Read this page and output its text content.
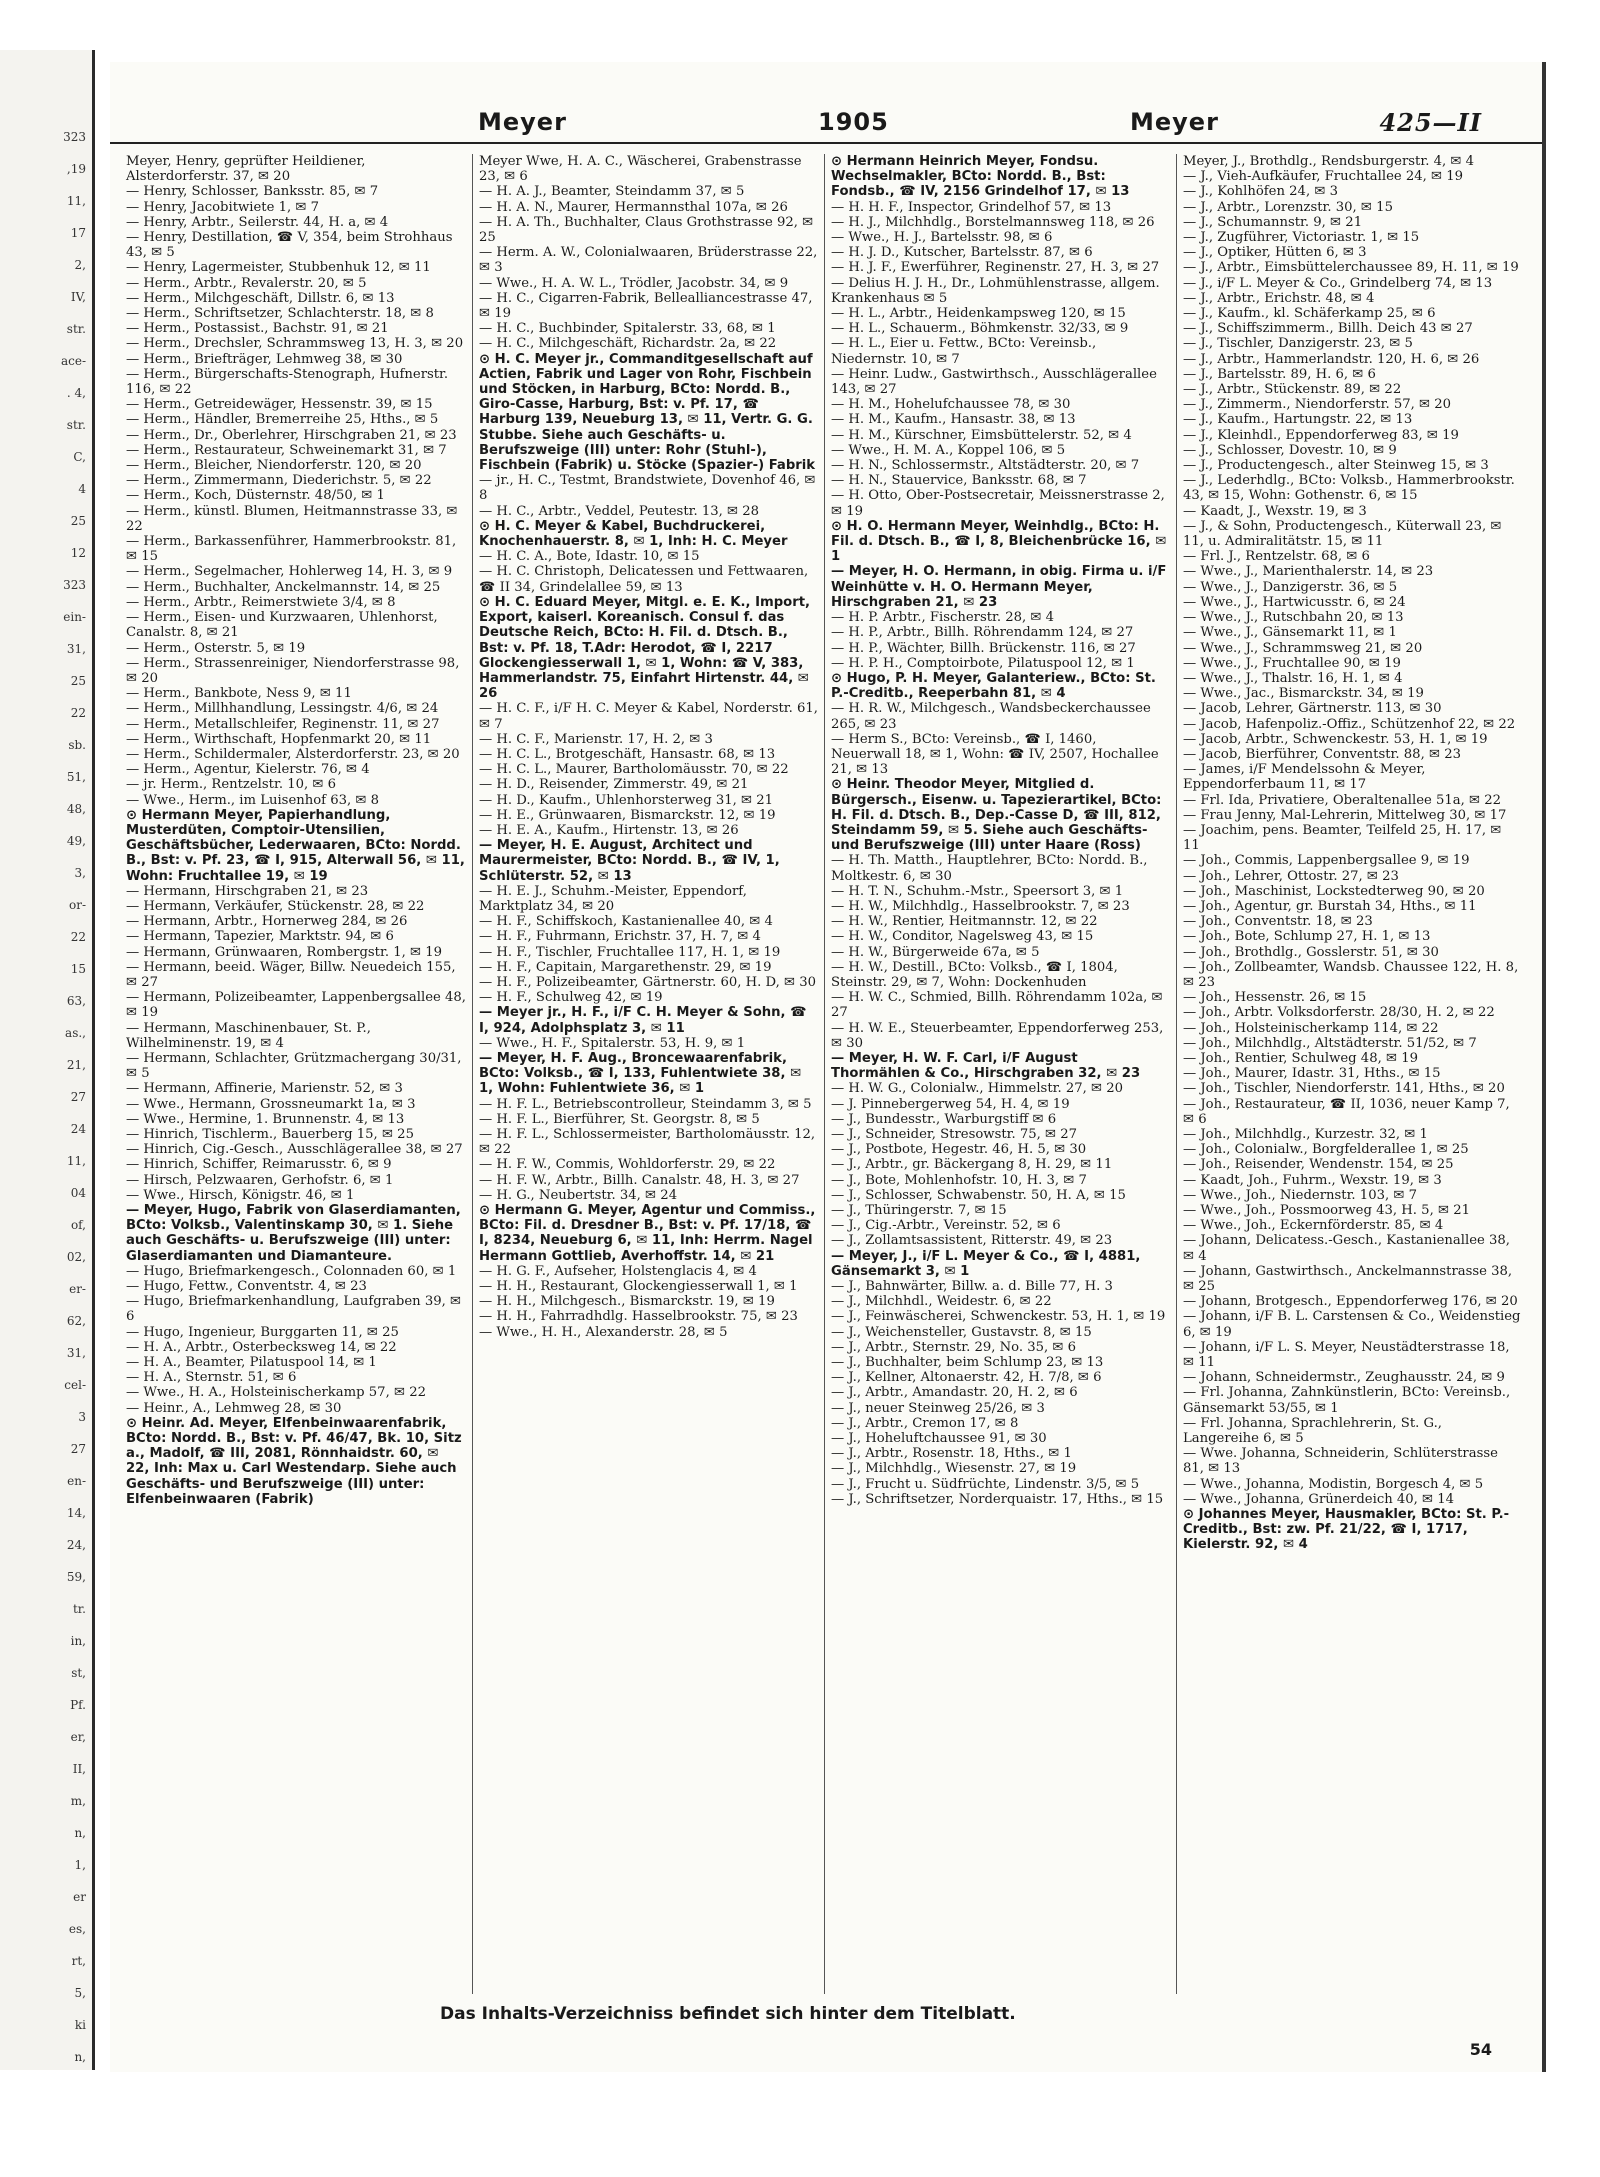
323
,19
11,
17
2,
IV,
str.
ace-
. 4,
str.
C,
4
25
12
323
ein-
31,
25
22
sb.
51,
48,
49,
3,
or-
22
15
63,
as.,
21,
27
24
11,
04
of,
02,
er-
62,
31,
cel-
3
27
en-
14,
24,
59,
tr.
in,
st,
Pf.
er,
II,
m,
n,
1,
er
es,
rt,
5,
ki
n,
Meyer	1905	Meyer	425—II

Meyer, Henry, geprüfter Heildiener, Alsterdorferstr. 37, ✉ 20

— Henry, Schlosser, Banksstr. 85, ✉ 7

— Henry, Jacobitwiete 1, ✉ 7

— Henry, Arbtr., Seilerstr. 44, H. a, ✉ 4

— Henry, Destillation, ☎ V, 354, beim Strohhaus 43, ✉ 5

— Henry, Lagermeister, Stubbenhuk 12, ✉ 11

— Herm., Arbtr., Revalerstr. 20, ✉ 5

— Herm., Milchgeschäft, Dillstr. 6, ✉ 13

— Herm., Schriftsetzer, Schlachterstr. 18, ✉ 8

— Herm., Postassist., Bachstr. 91, ✉ 21

— Herm., Drechsler, Schrammsweg 13, H. 3, ✉ 20

— Herm., Briefträger, Lehmweg 38, ✉ 30

— Herm., Bürgerschafts-Stenograph, Hufnerstr. 116, ✉ 22

— Herm., Getreidewäger, Hessenstr. 39, ✉ 15

— Herm., Händler, Bremerreihe 25, Hths., ✉ 5

— Herm., Dr., Oberlehrer, Hirschgraben 21, ✉ 23

— Herm., Restaurateur, Schweinemarkt 31, ✉ 7

— Herm., Bleicher, Niendorferstr. 120, ✉ 20

— Herm., Zimmermann, Diederichstr. 5, ✉ 22

— Herm., Koch, Düsternstr. 48/50, ✉ 1

— Herm., künstl. Blumen, Heitmannstrasse 33, ✉ 22

— Herm., Barkassenführer, Hammerbrookstr. 81, ✉ 15

— Herm., Segelmacher, Hohlerweg 14, H. 3, ✉ 9

— Herm., Buchhalter, Anckelmannstr. 14, ✉ 25

— Herm., Arbtr., Reimerstwiete 3/4, ✉ 8

— Herm., Eisen- und Kurzwaaren, Uhlenhorst, Canalstr. 8, ✉ 21

— Herm., Osterstr. 5, ✉ 19

— Herm., Strassenreiniger, Niendorferstrasse 98, ✉ 20

— Herm., Bankbote, Ness 9, ✉ 11

— Herm., Millhhandlung, Lessingstr. 4/6, ✉ 24

— Herm., Metallschleifer, Reginenstr. 11, ✉ 27

— Herm., Wirthschaft, Hopfenmarkt 20, ✉ 11

— Herm., Schildermaler, Alsterdorferstr. 23, ✉ 20

— Herm., Agentur, Kielerstr. 76, ✉ 4

— jr. Herm., Rentzelstr. 10, ✉ 6

— Wwe., Herm., im Luisenhof 63, ✉ 8

⊙ Hermann Meyer, Papierhandlung, Musterdüten, Comptoir-Utensilien, Geschäftsbücher, Lederwaaren, BCto: Nordd. B., Bst: v. Pf. 23, ☎ I, 915, Alterwall 56, ✉ 11, Wohn: Fruchtallee 19, ✉ 19

— Hermann, Hirschgraben 21, ✉ 23

— Hermann, Verkäufer, Stückenstr. 28, ✉ 22

— Hermann, Arbtr., Hornerweg 284, ✉ 26

— Hermann, Tapezier, Marktstr. 94, ✉ 6

— Hermann, Grünwaaren, Rombergstr. 1, ✉ 19

— Hermann, beeid. Wäger, Billw. Neuedeich 155, ✉ 27

— Hermann, Polizeibeamter, Lappenbergsallee 48, ✉ 19

— Hermann, Maschinenbauer, St. P., Wilhelminenstr. 19, ✉ 4

— Hermann, Schlachter, Grützmachergang 30/31, ✉ 5

— Hermann, Affinerie, Marienstr. 52, ✉ 3

— Wwe., Hermann, Grossneumarkt 1a, ✉ 3

— Wwe., Hermine, 1. Brunnenstr. 4, ✉ 13

— Hinrich, Tischlerm., Bauerberg 15, ✉ 25

— Hinrich, Cig.-Gesch., Ausschlägerallee 38, ✉ 27

— Hinrich, Schiffer, Reimarusstr. 6, ✉ 9

— Hirsch, Pelzwaaren, Gerhofstr. 6, ✉ 1

— Wwe., Hirsch, Königstr. 46, ✉ 1

— Meyer, Hugo, Fabrik von Glaserdiamanten, BCto: Volksb., Valentinskamp 30, ✉ 1. Siehe auch Geschäfts- u. Berufszweige (III) unter: Glaserdiamanten und Diamanteure.

— Hugo, Briefmarkengesch., Colonnaden 60, ✉ 1

— Hugo, Fettw., Conventstr. 4, ✉ 23

— Hugo, Briefmarkenhandlung, Laufgraben 39, ✉ 6

— Hugo, Ingenieur, Burggarten 11, ✉ 25

— H. A., Arbtr., Osterbecksweg 14, ✉ 22

— H. A., Beamter, Pilatuspool 14, ✉ 1

— H. A., Sternstr. 51, ✉ 6

— Wwe., H. A., Holsteinischerkamp 57, ✉ 22

— Heinr., A., Lehmweg 28, ✉ 30

⊙ Heinr. Ad. Meyer, Elfenbeinwaarenfabrik, BCto: Nordd. B., Bst: v. Pf. 46/47, Bk. 10, Sitz a., Madolf, ☎ III, 2081, Rönnhaidstr. 60, ✉ 22, Inh: Max u. Carl Westendarp. Siehe auch Geschäfts- und Berufszweige (III) unter: Elfenbeinwaaren (Fabrik)

Meyer Wwe, H. A. C., Wäscherei, Grabenstrasse 23, ✉ 6

— H. A. J., Beamter, Steindamm 37, ✉ 5

— H. A. N., Maurer, Hermannsthal 107a, ✉ 26

— H. A. Th., Buchhalter, Claus Grothstrasse 92, ✉ 25

— Herm. A. W., Colonialwaaren, Brüderstrasse 22, ✉ 3

— Wwe., H. A. W. L., Trödler, Jacobstr. 34, ✉ 9

— H. C., Cigarren-Fabrik, Bellealliancestrasse 47, ✉ 19

— H. C., Buchbinder, Spitalerstr. 33, 68, ✉ 1

— H. C., Milchgeschäft, Richardstr. 2a, ✉ 22

⊙ H. C. Meyer jr., Commanditgesellschaft auf Actien, Fabrik und Lager von Rohr, Fischbein und Stöcken, in Harburg, BCto: Nordd. B., Giro-Casse, Harburg, Bst: v. Pf. 17, ☎ Harburg 139, Neueburg 13, ✉ 11, Vertr. G. G. Stubbe. Siehe auch Geschäfts- u. Berufszweige (III) unter: Rohr (Stuhl-), Fischbein (Fabrik) u. Stöcke (Spazier-) Fabrik

— jr., H. C., Testmt, Brandstwiete, Dovenhof 46, ✉ 8

— H. C., Arbtr., Veddel, Peutestr. 13, ✉ 28

⊙ H. C. Meyer & Kabel, Buchdruckerei, Knochenhauerstr. 8, ✉ 1, Inh: H. C. Meyer

— H. C. A., Bote, Idastr. 10, ✉ 15

— H. C. Christoph, Delicatessen und Fettwaaren, ☎ II 34, Grindelallee 59, ✉ 13

⊙ H. C. Eduard Meyer, Mitgl. e. E. K., Import, Export, kaiserl. Koreanisch. Consul f. das Deutsche Reich, BCto: H. Fil. d. Dtsch. B., Bst: v. Pf. 18, T.Adr: Herodot, ☎ I, 2217 Glockengiesserwall 1, ✉ 1, Wohn: ☎ V, 383, Hammerlandstr. 75, Einfahrt Hirtenstr. 44, ✉ 26

— H. C. F., i/F H. C. Meyer & Kabel, Norderstr. 61, ✉ 7

— H. C. F., Marienstr. 17, H. 2, ✉ 3

— H. C. L., Brotgeschäft, Hansastr. 68, ✉ 13

— H. C. L., Maurer, Bartholomäusstr. 70, ✉ 22

— H. D., Reisender, Zimmerstr. 49, ✉ 21

— H. D., Kaufm., Uhlenhorsterweg 31, ✉ 21

— H. E., Grünwaaren, Bismarckstr. 12, ✉ 19

— H. E. A., Kaufm., Hirtenstr. 13, ✉ 26

— Meyer, H. E. August, Architect und Maurermeister, BCto: Nordd. B., ☎ IV, 1, Schlüterstr. 52, ✉ 13

— H. E. J., Schuhm.-Meister, Eppendorf, Marktplatz 34, ✉ 20

— H. F., Schiffskoch, Kastanienallee 40, ✉ 4

— H. F., Fuhrmann, Erichstr. 37, H. 7, ✉ 4

— H. F., Tischler, Fruchtallee 117, H. 1, ✉ 19

— H. F., Capitain, Margarethenstr. 29, ✉ 19

— H. F., Polizeibeamter, Gärtnerstr. 60, H. D, ✉ 30

— H. F., Schulweg 42, ✉ 19

— Meyer jr., H. F., i/F C. H. Meyer & Sohn, ☎ I, 924, Adolphsplatz 3, ✉ 11

— Wwe., H. F., Spitalerstr. 53, H. 9, ✉ 1

— Meyer, H. F. Aug., Broncewaarenfabrik, BCto: Volksb., ☎ I, 133, Fuhlentwiete 38, ✉ 1, Wohn: Fuhlentwiete 36, ✉ 1

— H. F. L., Betriebscontrolleur, Steindamm 3, ✉ 5

— H. F. L., Bierführer, St. Georgstr. 8, ✉ 5

— H. F. L., Schlossermeister, Bartholomäusstr. 12, ✉ 22

— H. F. W., Commis, Wohldorferstr. 29, ✉ 22

— H. F. W., Arbtr., Billh. Canalstr. 48, H. 3, ✉ 27

— H. G., Neubertstr. 34, ✉ 24

⊙ Hermann G. Meyer, Agentur und Commiss., BCto: Fil. d. Dresdner B., Bst: v. Pf. 17/18, ☎ I, 8234, Neueburg 6, ✉ 11, Inh: Herrm. Nagel Hermann Gottlieb, Averhoffstr. 14, ✉ 21

— H. G. F., Aufseher, Holstenglacis 4, ✉ 4

— H. H., Restaurant, Glockengiesserwall 1, ✉ 1

— H. H., Milchgesch., Bismarckstr. 19, ✉ 19

— H. H., Fahrradhdlg. Hasselbrookstr. 75, ✉ 23

— Wwe., H. H., Alexanderstr. 28, ✉ 5

⊙ Hermann Heinrich Meyer, Fondsu. Wechselmakler, BCto: Nordd. B., Bst: Fondsb., ☎ IV, 2156 Grindelhof 17, ✉ 13

— H. H. F., Inspector, Grindelhof 57, ✉ 13

— H. J., Milchhdlg., Borstelmannsweg 118, ✉ 26

— Wwe., H. J., Bartelsstr. 98, ✉ 6

— H. J. D., Kutscher, Bartelsstr. 87, ✉ 6

— H. J. F., Ewerführer, Reginenstr. 27, H. 3, ✉ 27

— Delius H. J. H., Dr., Lohmühlenstrasse, allgem. Krankenhaus ✉ 5

— H. L., Arbtr., Heidenkampsweg 120, ✉ 15

— H. L., Schauerm., Böhmkenstr. 32/33, ✉ 9

— H. L., Eier u. Fettw., BCto: Vereinsb., Niedernstr. 10, ✉ 7

— Heinr. Ludw., Gastwirthsch., Ausschlägerallee 143, ✉ 27

— H. M., Hohelufchaussee 78, ✉ 30

— H. M., Kaufm., Hansastr. 38, ✉ 13

— H. M., Kürschner, Eimsbüttelerstr. 52, ✉ 4

— Wwe., H. M. A., Koppel 106, ✉ 5

— H. N., Schlossermstr., Altstädterstr. 20, ✉ 7

— H. N., Stauervice, Banksstr. 68, ✉ 7

— H. Otto, Ober-Postsecretair, Meissnerstrasse 2, ✉ 19

⊙ H. O. Hermann Meyer, Weinhdlg., BCto: H. Fil. d. Dtsch. B., ☎ I, 8, Bleichenbrücke 16, ✉ 1

— Meyer, H. O. Hermann, in obig. Firma u. i/F Weinhütte v. H. O. Hermann Meyer, Hirschgraben 21, ✉ 23

— H. P. Arbtr., Fischerstr. 28, ✉ 4

— H. P., Arbtr., Billh. Röhrendamm 124, ✉ 27

— H. P., Wächter, Billh. Brückenstr. 116, ✉ 27

— H. P. H., Comptoirbote, Pilatuspool 12, ✉ 1

⊙ Hugo, P. H. Meyer, Galanteriew., BCto: St. P.-Creditb., Reeperbahn 81, ✉ 4

— H. R. W., Milchgesch., Wandsbeckerchaussee 265, ✉ 23

— Herm S., BCto: Vereinsb., ☎ I, 1460, Neuerwall 18, ✉ 1, Wohn: ☎ IV, 2507, Hochallee 21, ✉ 13

⊙ Heinr. Theodor Meyer, Mitglied d. Bürgersch., Eisenw. u. Tapezierartikel, BCto: H. Fil. d. Dtsch. B., Dep.-Casse D, ☎ III, 812, Steindamm 59, ✉ 5. Siehe auch Geschäfts- und Berufszweige (III) unter Haare (Ross)

— H. Th. Matth., Hauptlehrer, BCto: Nordd. B., Moltkestr. 6, ✉ 30

— H. T. N., Schuhm.-Mstr., Speersort 3, ✉ 1

— H. W., Milchhdlg., Hasselbrookstr. 7, ✉ 23

— H. W., Rentier, Heitmannstr. 12, ✉ 22

— H. W., Conditor, Nagelsweg 43, ✉ 15

— H. W., Bürgerweide 67a, ✉ 5

— H. W., Destill., BCto: Volksb., ☎ I, 1804, Steinstr. 29, ✉ 7, Wohn: Dockenhuden

— H. W. C., Schmied, Billh. Röhrendamm 102a, ✉ 27

— H. W. E., Steuerbeamter, Eppendorferweg 253, ✉ 30

— Meyer, H. W. F. Carl, i/F August Thormählen & Co., Hirschgraben 32, ✉ 23

— H. W. G., Colonialw., Himmelstr. 27, ✉ 20

— J. Pinnebergerweg 54, H. 4, ✉ 19

— J., Bundesstr., Warburgstiff ✉ 6

— J., Schneider, Stresowstr. 75, ✉ 27

— J., Postbote, Hegestr. 46, H. 5, ✉ 30

— J., Arbtr., gr. Bäckergang 8, H. 29, ✉ 11

— J., Bote, Mohlenhofstr. 10, H. 3, ✉ 7

— J., Schlosser, Schwabenstr. 50, H. A, ✉ 15

— J., Thüringerstr. 7, ✉ 15

— J., Cig.-Arbtr., Vereinstr. 52, ✉ 6

— J., Zollamtsassistent, Ritterstr. 49, ✉ 23

— Meyer, J., i/F L. Meyer & Co., ☎ I, 4881, Gänsemarkt 3, ✉ 1

— J., Bahnwärter, Billw. a. d. Bille 77, H. 3

— J., Milchhdl., Weidestr. 6, ✉ 22

— J., Feinwäscherei, Schwenckestr. 53, H. 1, ✉ 19

— J., Weichensteller, Gustavstr. 8, ✉ 15

— J., Arbtr., Sternstr. 29, No. 35, ✉ 6

— J., Buchhalter, beim Schlump 23, ✉ 13

— J., Kellner, Altonaerstr. 42, H. 7/8, ✉ 6

— J., Arbtr., Amandastr. 20, H. 2, ✉ 6

— J., neuer Steinweg 25/26, ✉ 3

— J., Arbtr., Cremon 17, ✉ 8

— J., Hoheluftchaussee 91, ✉ 30

— J., Arbtr., Rosenstr. 18, Hths., ✉ 1

— J., Milchhdlg., Wiesenstr. 27, ✉ 19

— J., Frucht u. Südfrüchte, Lindenstr. 3/5, ✉ 5

— J., Schriftsetzer, Norderquaistr. 17, Hths., ✉ 15

Meyer, J., Brothdlg., Rendsburgerstr. 4, ✉ 4

— J., Vieh-Aufkäufer, Fruchtallee 24, ✉ 19

— J., Kohlhöfen 24, ✉ 3

— J., Arbtr., Lorenzstr. 30, ✉ 15

— J., Schumannstr. 9, ✉ 21

— J., Zugführer, Victoriastr. 1, ✉ 15

— J., Optiker, Hütten 6, ✉ 3

— J., Arbtr., Eimsbüttelerchaussee 89, H. 11, ✉ 19

— J., i/F L. Meyer & Co., Grindelberg 74, ✉ 13

— J., Arbtr., Erichstr. 48, ✉ 4

— J., Kaufm., kl. Schäferkamp 25, ✉ 6

— J., Schiffszimmerm., Billh. Deich 43 ✉ 27

— J., Tischler, Danzigerstr. 23, ✉ 5

— J., Arbtr., Hammerlandstr. 120, H. 6, ✉ 26

— J., Bartelsstr. 89, H. 6, ✉ 6

— J., Arbtr., Stückenstr. 89, ✉ 22

— J., Zimmerm., Niendorferstr. 57, ✉ 20

— J., Kaufm., Hartungstr. 22, ✉ 13

— J., Kleinhdl., Eppendorferweg 83, ✉ 19

— J., Schlosser, Dovestr. 10, ✉ 9

— J., Productengesch., alter Steinweg 15, ✉ 3

— J., Lederhdlg., BCto: Volksb., Hammerbrookstr. 43, ✉ 15, Wohn: Gothenstr. 6, ✉ 15

— Kaadt, J., Wexstr. 19, ✉ 3

— J., & Sohn, Productengesch., Küterwall 23, ✉ 11, u. Admiralitätstr. 15, ✉ 11

— Frl. J., Rentzelstr. 68, ✉ 6

— Wwe., J., Marienthalerstr. 14, ✉ 23

— Wwe., J., Danzigerstr. 36, ✉ 5

— Wwe., J., Hartwicusstr. 6, ✉ 24

— Wwe., J., Rutschbahn 20, ✉ 13

— Wwe., J., Gänsemarkt 11, ✉ 1

— Wwe., J., Schrammsweg 21, ✉ 20

— Wwe., J., Fruchtallee 90, ✉ 19

— Wwe., J., Thalstr. 16, H. 1, ✉ 4

— Wwe., Jac., Bismarckstr. 34, ✉ 19

— Jacob, Lehrer, Gärtnerstr. 113, ✉ 30

— Jacob, Hafenpoliz.-Offiz., Schützenhof 22, ✉ 22

— Jacob, Arbtr., Schwenckestr. 53, H. 1, ✉ 19

— Jacob, Bierführer, Conventstr. 88, ✉ 23

— James, i/F Mendelssohn & Meyer, Eppendorferbaum 11, ✉ 17

— Frl. Ida, Privatiere, Oberaltenallee 51a, ✉ 22

— Frau Jenny, Mal-Lehrerin, Mittelweg 30, ✉ 17

— Joachim, pens. Beamter, Teilfeld 25, H. 17, ✉ 11

— Joh., Commis, Lappenbergsallee 9, ✉ 19

— Joh., Lehrer, Ottostr. 27, ✉ 23

— Joh., Maschinist, Lockstedterweg 90, ✉ 20

— Joh., Agentur, gr. Burstah 34, Hths., ✉ 11

— Joh., Conventstr. 18, ✉ 23

— Joh., Bote, Schlump 27, H. 1, ✉ 13

— Joh., Brothdlg., Gosslerstr. 51, ✉ 30

— Joh., Zollbeamter, Wandsb. Chaussee 122, H. 8, ✉ 23

— Joh., Hessenstr. 26, ✉ 15

— Joh., Arbtr. Volksdorferstr. 28/30, H. 2, ✉ 22

— Joh., Holsteinischerkamp 114, ✉ 22

— Joh., Milchhdlg., Altstädterstr. 51/52, ✉ 7

— Joh., Rentier, Schulweg 48, ✉ 19

— Joh., Maurer, Idastr. 31, Hths., ✉ 15

— Joh., Tischler, Niendorferstr. 141, Hths., ✉ 20

— Joh., Restaurateur, ☎ II, 1036, neuer Kamp 7, ✉ 6

— Joh., Milchhdlg., Kurzestr. 32, ✉ 1

— Joh., Colonialw., Borgfelderallee 1, ✉ 25

— Joh., Reisender, Wendenstr. 154, ✉ 25

— Kaadt, Joh., Fuhrm., Wexstr. 19, ✉ 3

— Wwe., Joh., Niedernstr. 103, ✉ 7

— Wwe., Joh., Possmoorweg 43, H. 5, ✉ 21

— Wwe., Joh., Eckernförderstr. 85, ✉ 4

— Johann, Delicatess.-Gesch., Kastanienallee 38, ✉ 4

— Johann, Gastwirthsch., Anckelmannstrasse 38, ✉ 25

— Johann, Brotgesch., Eppendorferweg 176, ✉ 20

— Johann, i/F B. L. Carstensen & Co., Weidenstieg 6, ✉ 19

— Johann, i/F L. S. Meyer, Neustädterstrasse 18, ✉ 11

— Johann, Schneidermstr., Zeughausstr. 24, ✉ 9

— Frl. Johanna, Zahnkünstlerin, BCto: Vereinsb., Gänsemarkt 53/55, ✉ 1

— Frl. Johanna, Sprachlehrerin, St. G., Langereihe 6, ✉ 5

— Wwe. Johanna, Schneiderin, Schlüterstrasse 81, ✉ 13

— Wwe., Johanna, Modistin, Borgesch 4, ✉ 5

— Wwe., Johanna, Grünerdeich 40, ✉ 14

⊙ Johannes Meyer, Hausmakler, BCto: St. P.-Creditb., Bst: zw. Pf. 21/22, ☎ I, 1717, Kielerstr. 92, ✉ 4

Das Inhalts-Verzeichniss befindet sich hinter dem Titelblatt.
54
